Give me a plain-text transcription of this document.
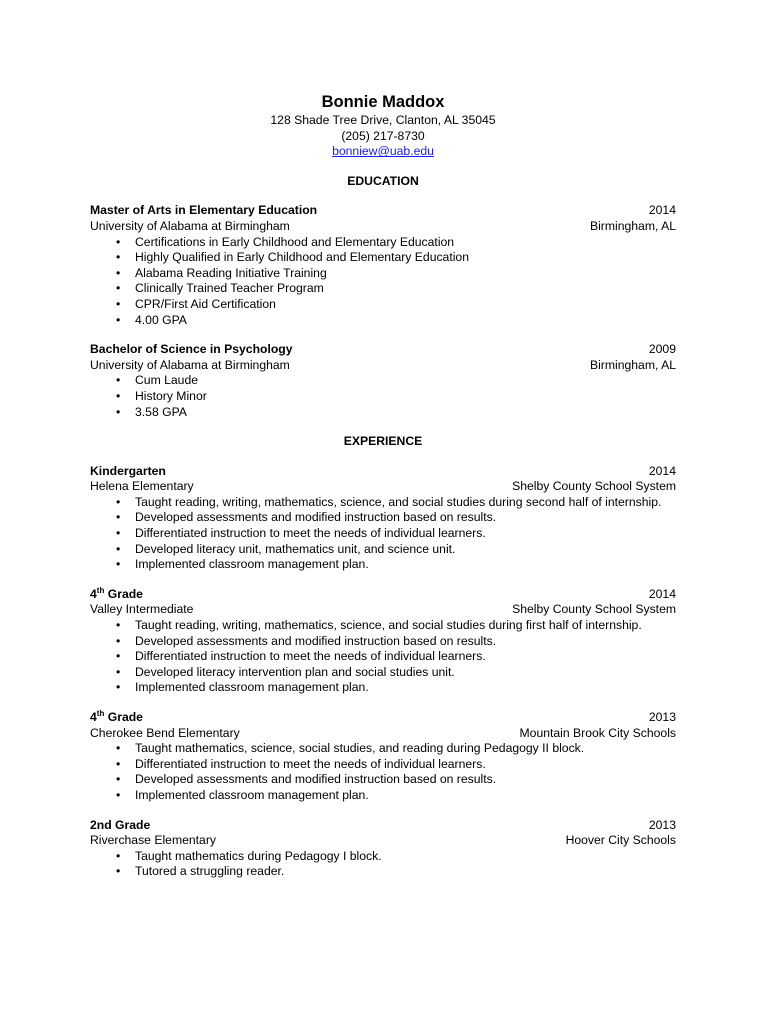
Bonnie Maddox
128 Shade Tree Drive, Clanton, AL 35045
(205) 217-8730
bonniew@uab.edu
EDUCATION
Master of Arts in Elementary Education	2014
University of Alabama at Birmingham	Birmingham, AL
• Certifications in Early Childhood and Elementary Education
• Highly Qualified in Early Childhood and Elementary Education
• Alabama Reading Initiative Training
• Clinically Trained Teacher Program
• CPR/First Aid Certification
• 4.00 GPA
Bachelor of Science in Psychology	2009
University of Alabama at Birmingham	Birmingham, AL
• Cum Laude
• History Minor
• 3.58 GPA
EXPERIENCE
Kindergarten	2014
Helena Elementary	Shelby County School System
• Taught reading, writing, mathematics, science, and social studies during second half of internship.
• Developed assessments and modified instruction based on results.
• Differentiated instruction to meet the needs of individual learners.
• Developed literacy unit, mathematics unit, and science unit.
• Implemented classroom management plan.
4th Grade	2014
Valley Intermediate	Shelby County School System
• Taught reading, writing, mathematics, science, and social studies during first half of internship.
• Developed assessments and modified instruction based on results.
• Differentiated instruction to meet the needs of individual learners.
• Developed literacy intervention plan and social studies unit.
• Implemented classroom management plan.
4th Grade	2013
Cherokee Bend Elementary	Mountain Brook City Schools
• Taught mathematics, science, social studies, and reading during Pedagogy II block.
• Differentiated instruction to meet the needs of individual learners.
• Developed assessments and modified instruction based on results.
• Implemented classroom management plan.
2nd Grade	2013
Riverchase Elementary	Hoover City Schools
• Taught mathematics during Pedagogy I block.
• Tutored a struggling reader.
